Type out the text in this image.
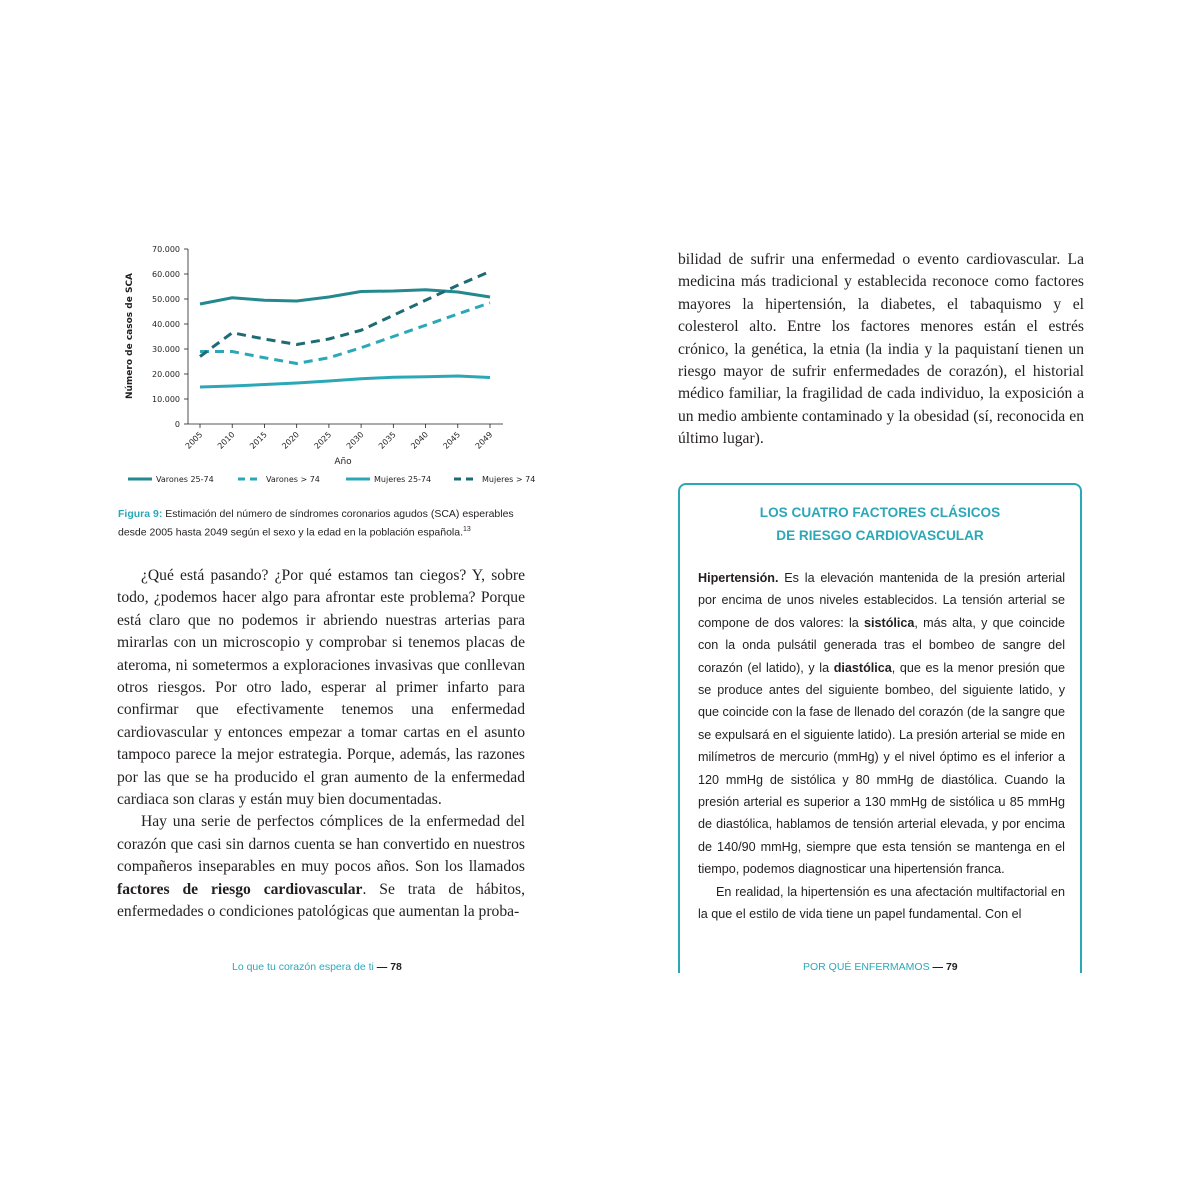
0
10.000
20.000
30.000
40.000
50.000
60.000
70.000
2005 2010 2015 2020 2025 2030 2035 2040 2045 2049
Año
Número de casos de SCA
Varones 25-74	Varones > 74	Mujeres 25-74	Mujeres > 74
Figura 9: Estimación del número de síndromes coronarios agudos (SCA) esperables desde 2005 hasta 2049 según el sexo y la edad en la población española.$^{13}$

¿Qué está pasando? ¿Por qué estamos tan ciegos? Y, sobre todo, ¿podemos hacer algo para afrontar este problema? Porque está claro que no podemos ir abriendo nuestras arterias para mirarlas con un microscopio y comprobar si tenemos placas de ateroma, ni sometermos a exploraciones invasivas que conllevan otros riesgos. Por otro lado, esperar al primer infarto para confirmar que efectivamente tenemos una enfermedad cardiovascular y entonces empezar a tomar cartas en el asunto tampoco parece la mejor estrategia. Porque, además, las razones por las que se ha producido el gran aumento de la enfermedad cardiaca son claras y están muy bien documentadas.

Hay una serie de perfectos cómplices de la enfermedad del corazón que casi sin darnos cuenta se han convertido en nuestros compañeros inseparables en muy pocos años. Son los llamados factores de riesgo cardiovascular. Se trata de hábitos, enfermedades o condiciones patológicas que aumentan la proba-

Lo que tu corazón espera de ti — 78

bilidad de sufrir una enfermedad o evento cardiovascular. La medicina más tradicional y establecida reconoce como factores mayores la hipertensión, la diabetes, el tabaquismo y el colesterol alto. Entre los factores menores están el estrés crónico, la genética, la etnia (la india y la paquistaní tienen un riesgo mayor de sufrir enfermedades de corazón), el historial médico familiar, la fragilidad de cada individuo, la exposición a un medio ambiente contaminado y la obesidad (sí, reconocida en último lugar).

LOS CUATRO FACTORES CLÁSICOS
DE RIESGO CARDIOVASCULAR

Hipertensión. Es la elevación mantenida de la presión arterial por encima de unos niveles establecidos. La tensión arterial se compone de dos valores: la sistólica, más alta, y que coincide con la onda pulsátil generada tras el bombeo de sangre del corazón (el latido), y la diastólica, que es la menor presión que se produce antes del siguiente bombeo, del siguiente latido, y que coincide con la fase de llenado del corazón (de la sangre que se expulsará en el siguiente latido). La presión arterial se mide en milímetros de mercurio (mmHg) y el nivel óptimo es el inferior a 120 mmHg de sistólica y 80 mmHg de diastólica. Cuando la presión arterial es superior a 130 mmHg de sistólica u 85 mmHg de diastólica, hablamos de tensión arterial elevada, y por encima de 140/90 mmHg, siempre que esta tensión se mantenga en el tiempo, podemos diagnosticar una hipertensión franca.

En realidad, la hipertensión es una afectación multifactorial en la que el estilo de vida tiene un papel fundamental. Con el

POR QUÉ ENFERMAMOS — 79
